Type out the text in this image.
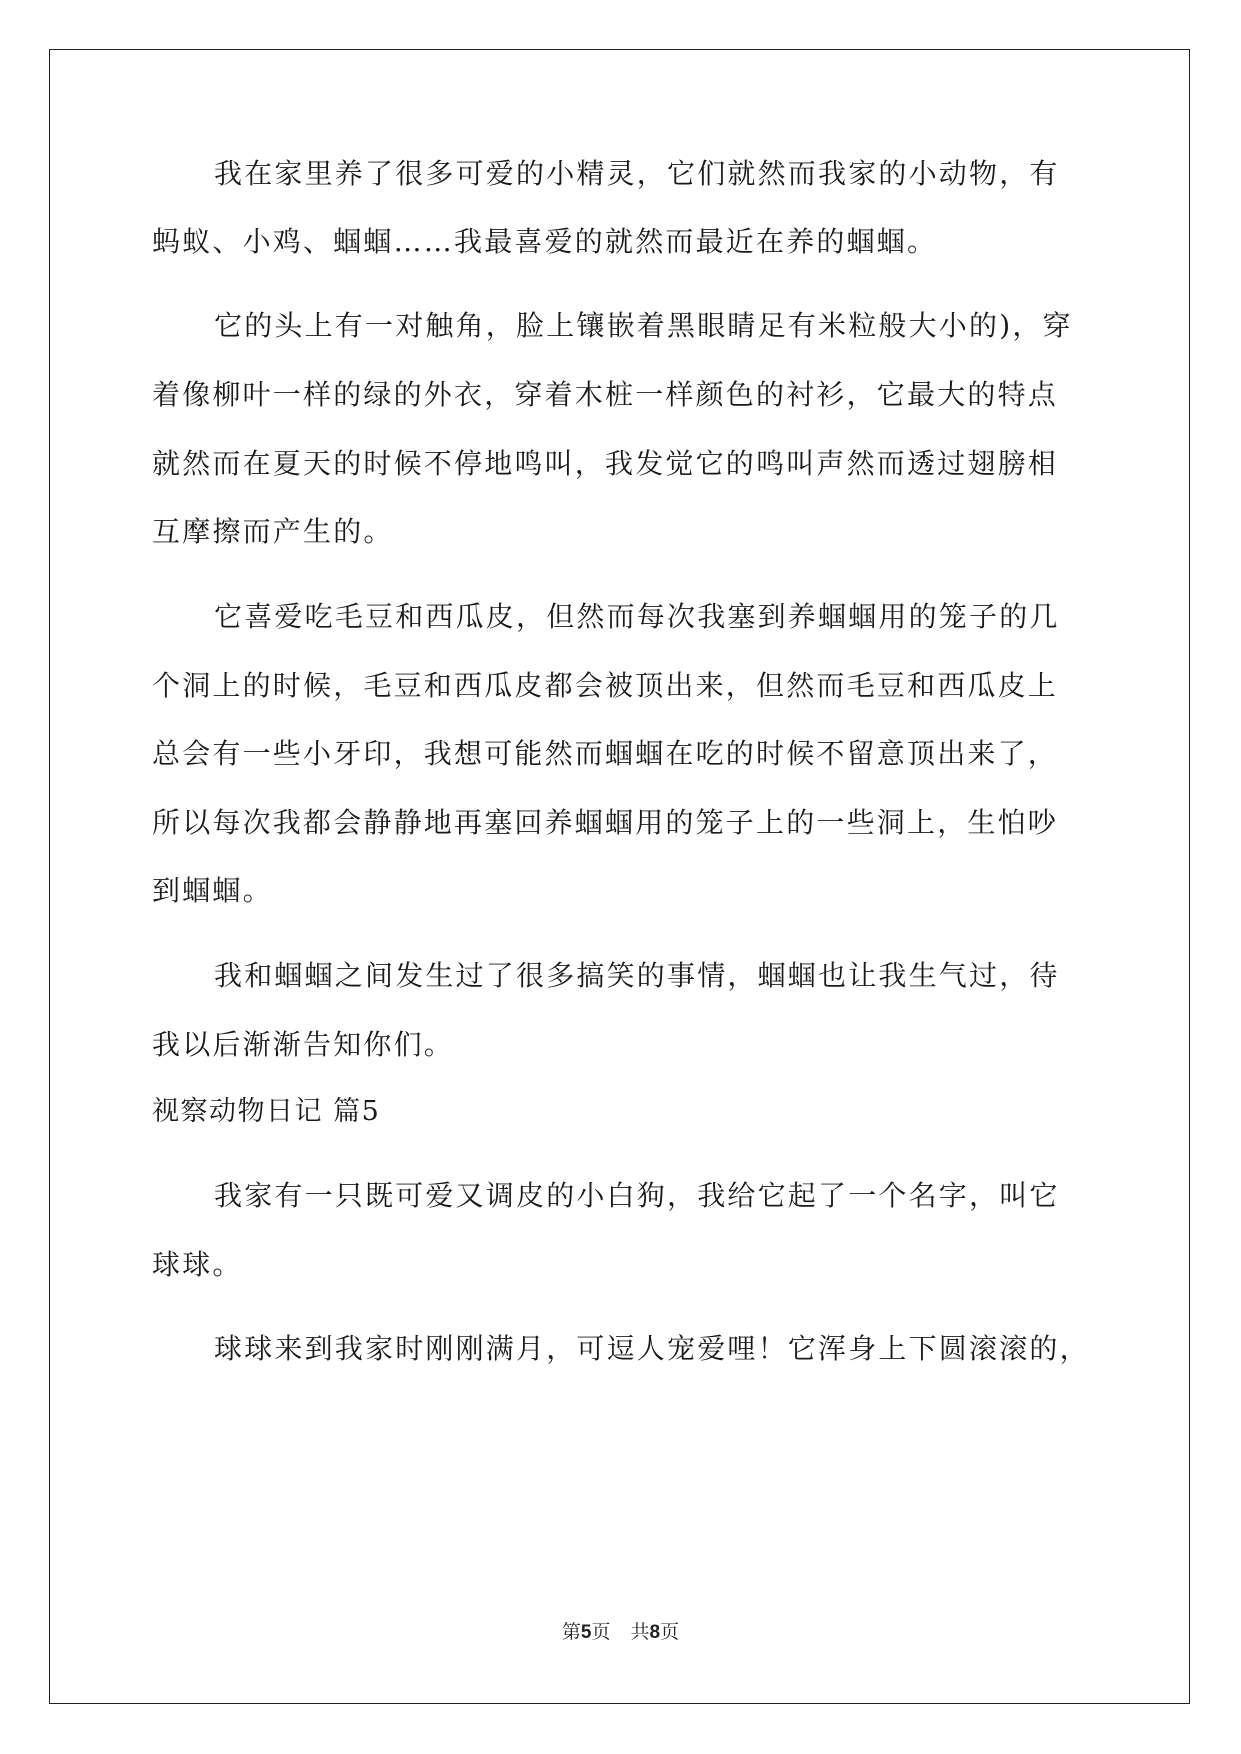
我在家里养了很多可爱的小精灵，它们就然而我家的小动物，有
蚂蚁、小鸡、蝈蝈……我最喜爱的就然而最近在养的蝈蝈。
它的头上有一对触角，脸上镶嵌着黑眼睛足有米粒般大小的)，穿
着像柳叶一样的绿的外衣，穿着木桩一样颜色的衬衫，它最大的特点
就然而在夏天的时候不停地鸣叫，我发觉它的鸣叫声然而透过翅膀相
互摩擦而产生的。
它喜爱吃毛豆和西瓜皮，但然而每次我塞到养蝈蝈用的笼子的几
个洞上的时候，毛豆和西瓜皮都会被顶出来，但然而毛豆和西瓜皮上
总会有一些小牙印，我想可能然而蝈蝈在吃的时候不留意顶出来了，
所以每次我都会静静地再塞回养蝈蝈用的笼子上的一些洞上，生怕吵
到蝈蝈。
我和蝈蝈之间发生过了很多搞笑的事情，蝈蝈也让我生气过，待
我以后渐渐告知你们。
视察动物日记 篇5
我家有一只既可爱又调皮的小白狗，我给它起了一个名字，叫它
球球。
球球来到我家时刚刚满月，可逗人宠爱哩！它浑身上下圆滚滚的，
第5页 共8页
